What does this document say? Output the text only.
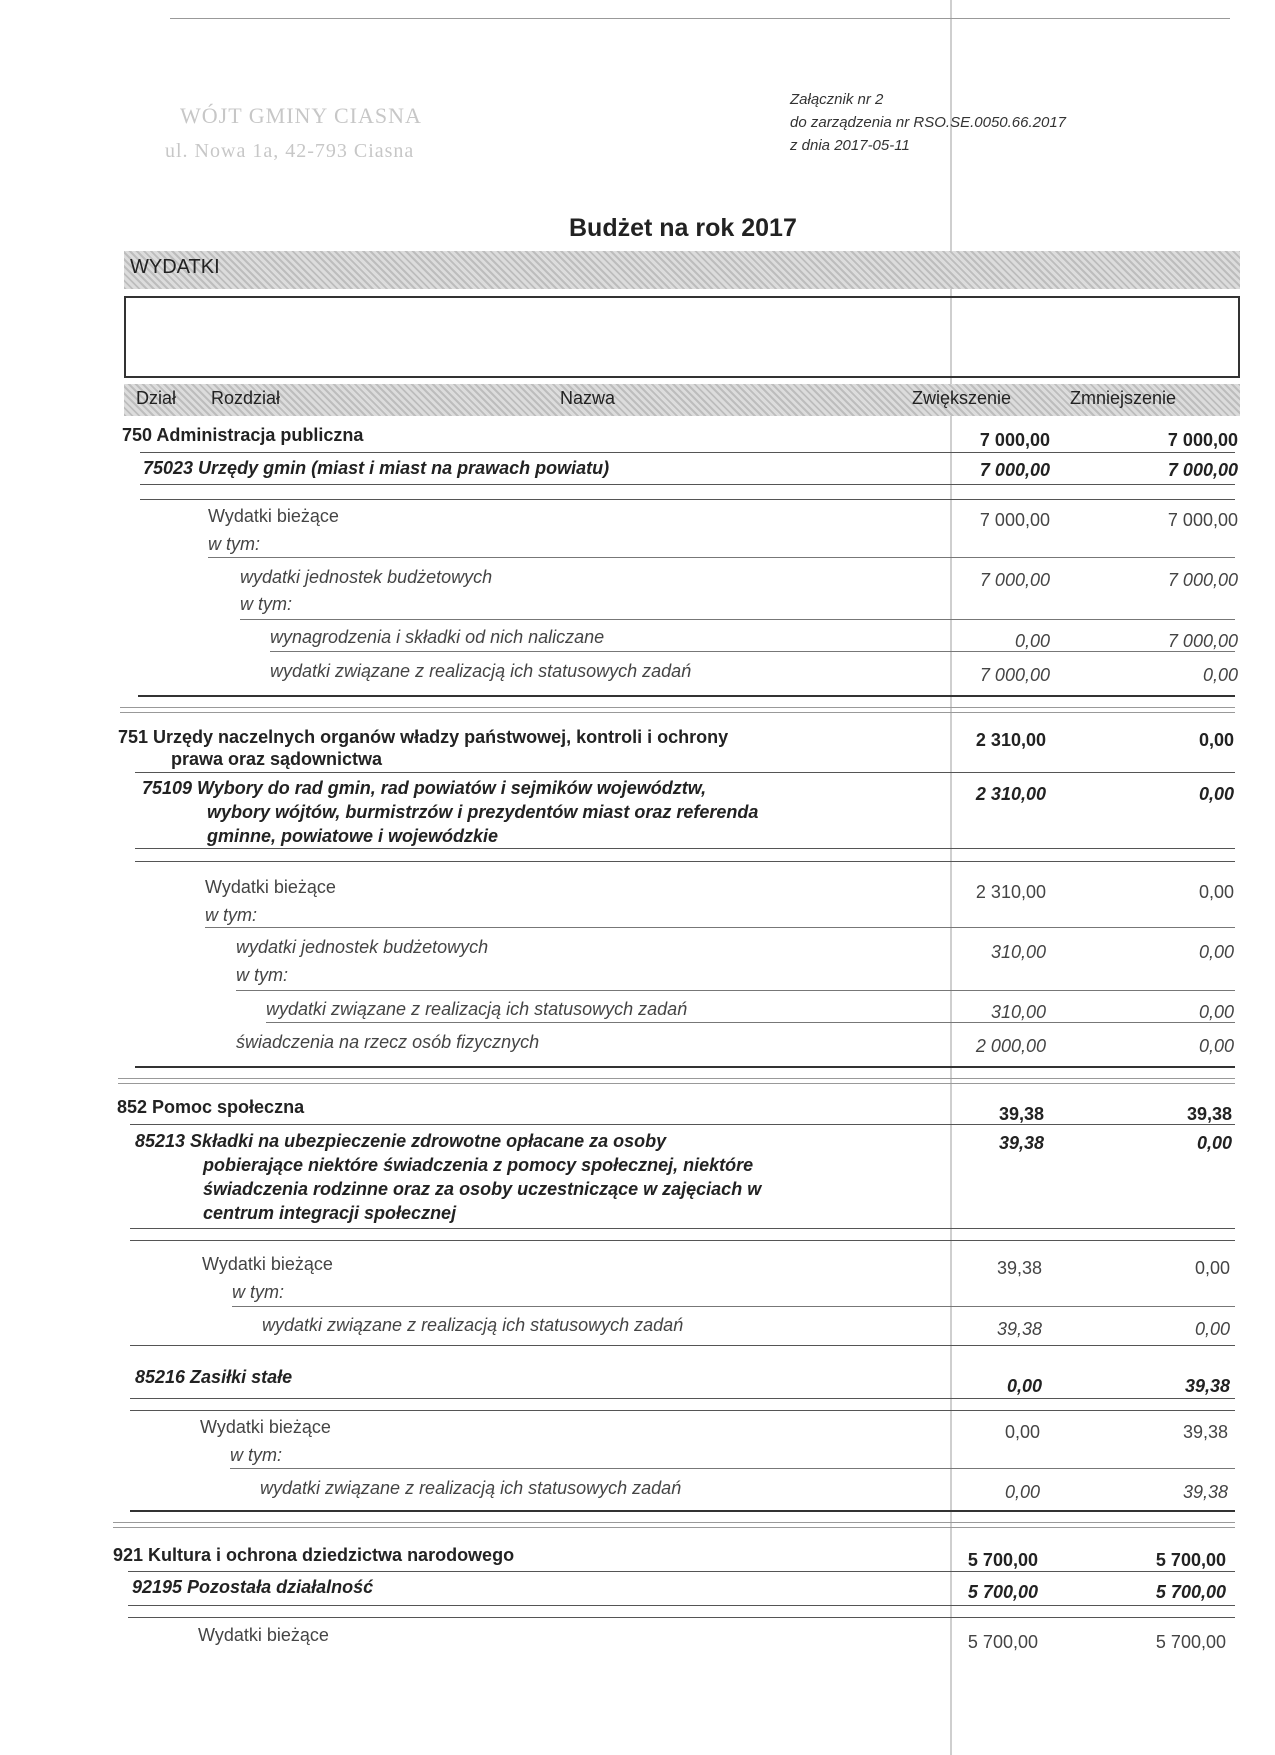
WÓJT GMINY CIASNA
ul. Nowa 1a, 42-793 Ciasna
Załącznik nr 2
do zarządzenia nr RSO.SE.0050.66.2017
z dnia 2017-05-11
Budżet na rok 2017
WYDATKI
Dział Rozdział	Nazwa	Zwiększenie	Zmniejszenie
750 Administracja publiczna	7 000,00	7 000,00
75023 Urzędy gmin (miast i miast na prawach powiatu)	7 000,00	7 000,00
Wydatki bieżące	7 000,00	7 000,00
w tym:
wydatki jednostek budżetowych	7 000,00	7 000,00
w tym:
wynagrodzenia i składki od nich naliczane	0,00	7 000,00
wydatki związane z realizacją ich statusowych zadań	7 000,00	0,00
751 Urzędy naczelnych organów władzy państwowej, kontroli i ochrony
prawa oraz sądownictwa
2 310,00	0,00
75109 Wybory do rad gmin, rad powiatów i sejmików województw,
wybory wójtów, burmistrzów i prezydentów miast oraz referenda
gminne, powiatowe i wojewódzkie
2 310,00	0,00
Wydatki bieżące	2 310,00	0,00
w tym:
wydatki jednostek budżetowych	310,00	0,00
w tym:
wydatki związane z realizacją ich statusowych zadań	310,00	0,00
świadczenia na rzecz osób fizycznych	2 000,00	0,00
852 Pomoc społeczna	39,38	39,38
85213 Składki na ubezpieczenie zdrowotne opłacane za osoby
pobierające niektóre świadczenia z pomocy społecznej, niektóre
świadczenia rodzinne oraz za osoby uczestniczące w zajęciach w
centrum integracji społecznej
39,38	0,00
Wydatki bieżące	39,38	0,00
w tym:
wydatki związane z realizacją ich statusowych zadań	39,38	0,00
85216 Zasiłki stałe	0,00	39,38
Wydatki bieżące	0,00	39,38
w tym:
wydatki związane z realizacją ich statusowych zadań	0,00	39,38
921 Kultura i ochrona dziedzictwa narodowego	5 700,00	5 700,00
92195 Pozostała działalność	5 700,00	5 700,00
Wydatki bieżące	5 700,00	5 700,00
